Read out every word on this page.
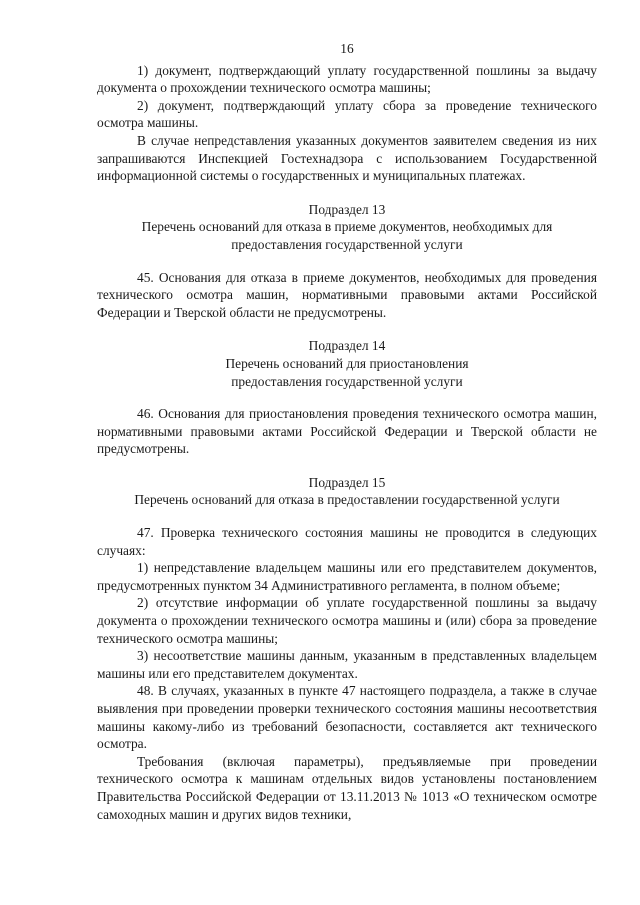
16

1) документ, подтверждающий уплату государственной пошлины за выдачу документа о прохождении технического осмотра машины;

2) документ, подтверждающий уплату сбора за проведение технического осмотра машины.

В случае непредставления указанных документов заявителем сведения из них запрашиваются Инспекцией Гостехнадзора с использованием Государственной информационной системы о государственных и муниципальных платежах.

Подраздел 13
Перечень оснований для отказа в приеме документов, необходимых для предоставления государственной услуги

45. Основания для отказа в приеме документов, необходимых для проведения технического осмотра машин, нормативными правовыми актами Российской Федерации и Тверской области не предусмотрены.

Подраздел 14
Перечень оснований для приостановления
предоставления государственной услуги

46. Основания для приостановления проведения технического осмотра машин, нормативными правовыми актами Российской Федерации и Тверской области не предусмотрены.

Подраздел 15
Перечень оснований для отказа в предоставлении государственной услуги

47. Проверка технического состояния машины не проводится в следующих случаях:

1) непредставление владельцем машины или его представителем документов, предусмотренных пунктом 34 Административного регламента, в полном объеме;

2) отсутствие информации об уплате государственной пошлины за выдачу документа о прохождении технического осмотра машины и (или) сбора за проведение технического осмотра машины;

3) несоответствие машины данным, указанным в представленных владельцем машины или его представителем документах.

48. В случаях, указанных в пункте 47 настоящего подраздела, а также в случае выявления при проведении проверки технического состояния машины несоответствия машины какому-либо из требований безопасности, составляется акт технического осмотра.

Требования (включая параметры), предъявляемые при проведении технического осмотра к машинам отдельных видов установлены постановлением Правительства Российской Федерации от 13.11.2013 № 1013 «О техническом осмотре самоходных машин и других видов техники,
